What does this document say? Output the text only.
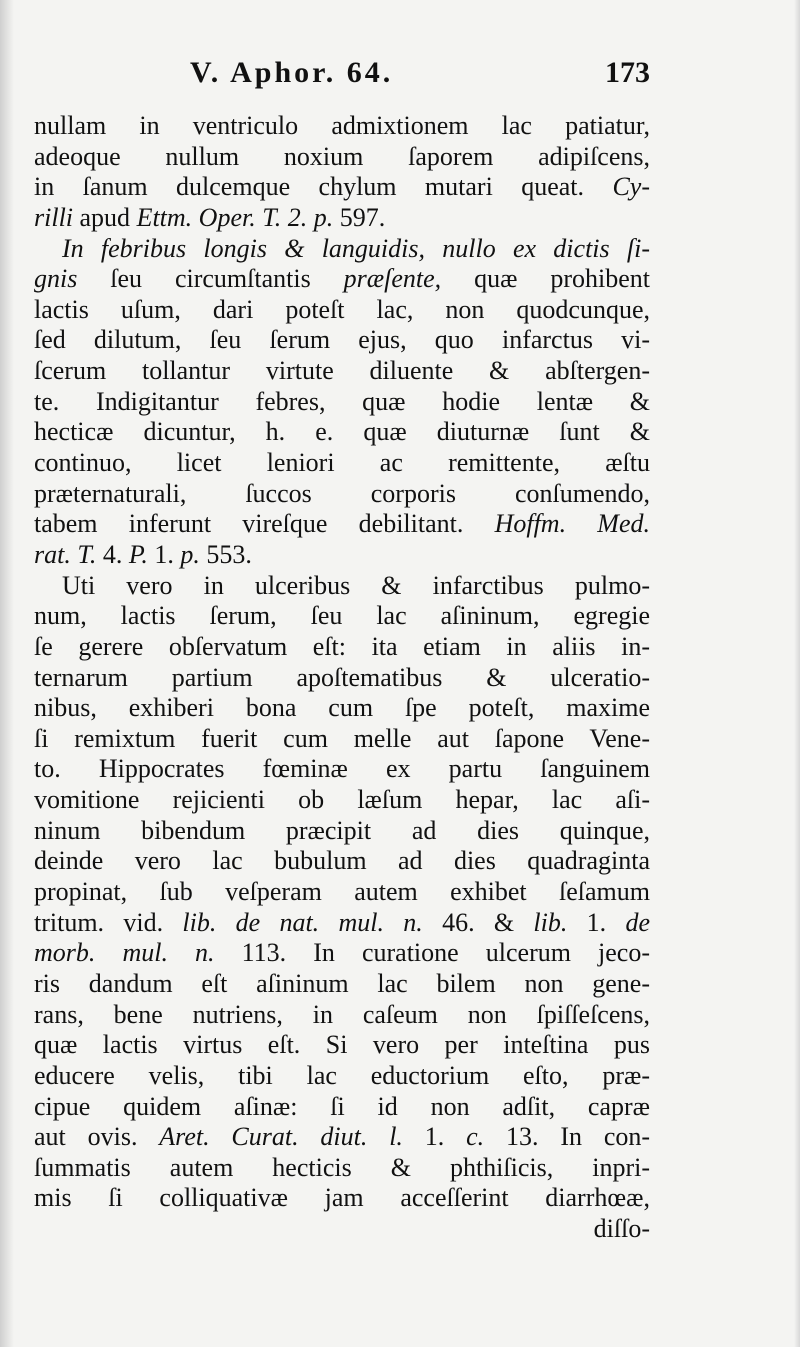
V. Aphor. 64.	173
nullam in ventriculo admixtionem lac patiatur,
adeoque nullum noxium ſaporem adipiſcens,
in ſanum dulcemque chylum mutari queat. Cy-
rilli apud Ettm. Oper. T. 2. p. 597.
In febribus longis & languidis, nullo ex dictis ſi-
gnis ſeu circumſtantis præſente, quæ prohibent
lactis uſum, dari poteſt lac, non quodcunque,
ſed dilutum, ſeu ſerum ejus, quo infarctus vi-
ſcerum tollantur virtute diluente & abſtergen-
te. Indigitantur febres, quæ hodie lentæ &
hecticæ dicuntur, h. e. quæ diuturnæ ſunt &
continuo, licet leniori ac remittente, æſtu
præternaturali, ſuccos corporis conſumendo,
tabem inferunt vireſque debilitant. Hoffm. Med.
rat. T. 4. P. 1. p. 553.
Uti vero in ulceribus & infarctibus pulmo-
num, lactis ſerum, ſeu lac aſininum, egregie
ſe gerere obſervatum eſt: ita etiam in aliis in-
ternarum partium apoſtematibus & ulceratio-
nibus, exhiberi bona cum ſpe poteſt, maxime
ſi remixtum fuerit cum melle aut ſapone Vene-
to. Hippocrates fœminæ ex partu ſanguinem
vomitione rejicienti ob læſum hepar, lac aſi-
ninum bibendum præcipit ad dies quinque,
deinde vero lac bubulum ad dies quadraginta
propinat, ſub veſperam autem exhibet ſeſamum
tritum. vid. lib. de nat. mul. n. 46. & lib. 1. de
morb. mul. n. 113. In curatione ulcerum jeco-
ris dandum eſt aſininum lac bilem non gene-
rans, bene nutriens, in caſeum non ſpiſſeſcens,
quæ lactis virtus eſt. Si vero per inteſtina pus
educere velis, tibi lac eductorium eſto, præ-
cipue quidem aſinæ: ſi id non adſit, capræ
aut ovis. Aret. Curat. diut. l. 1. c. 13. In con-
ſummatis autem hecticis & phthiſicis, inpri-
mis ſi colliquativæ jam acceſſerint diarrhœæ,
diſſo-
